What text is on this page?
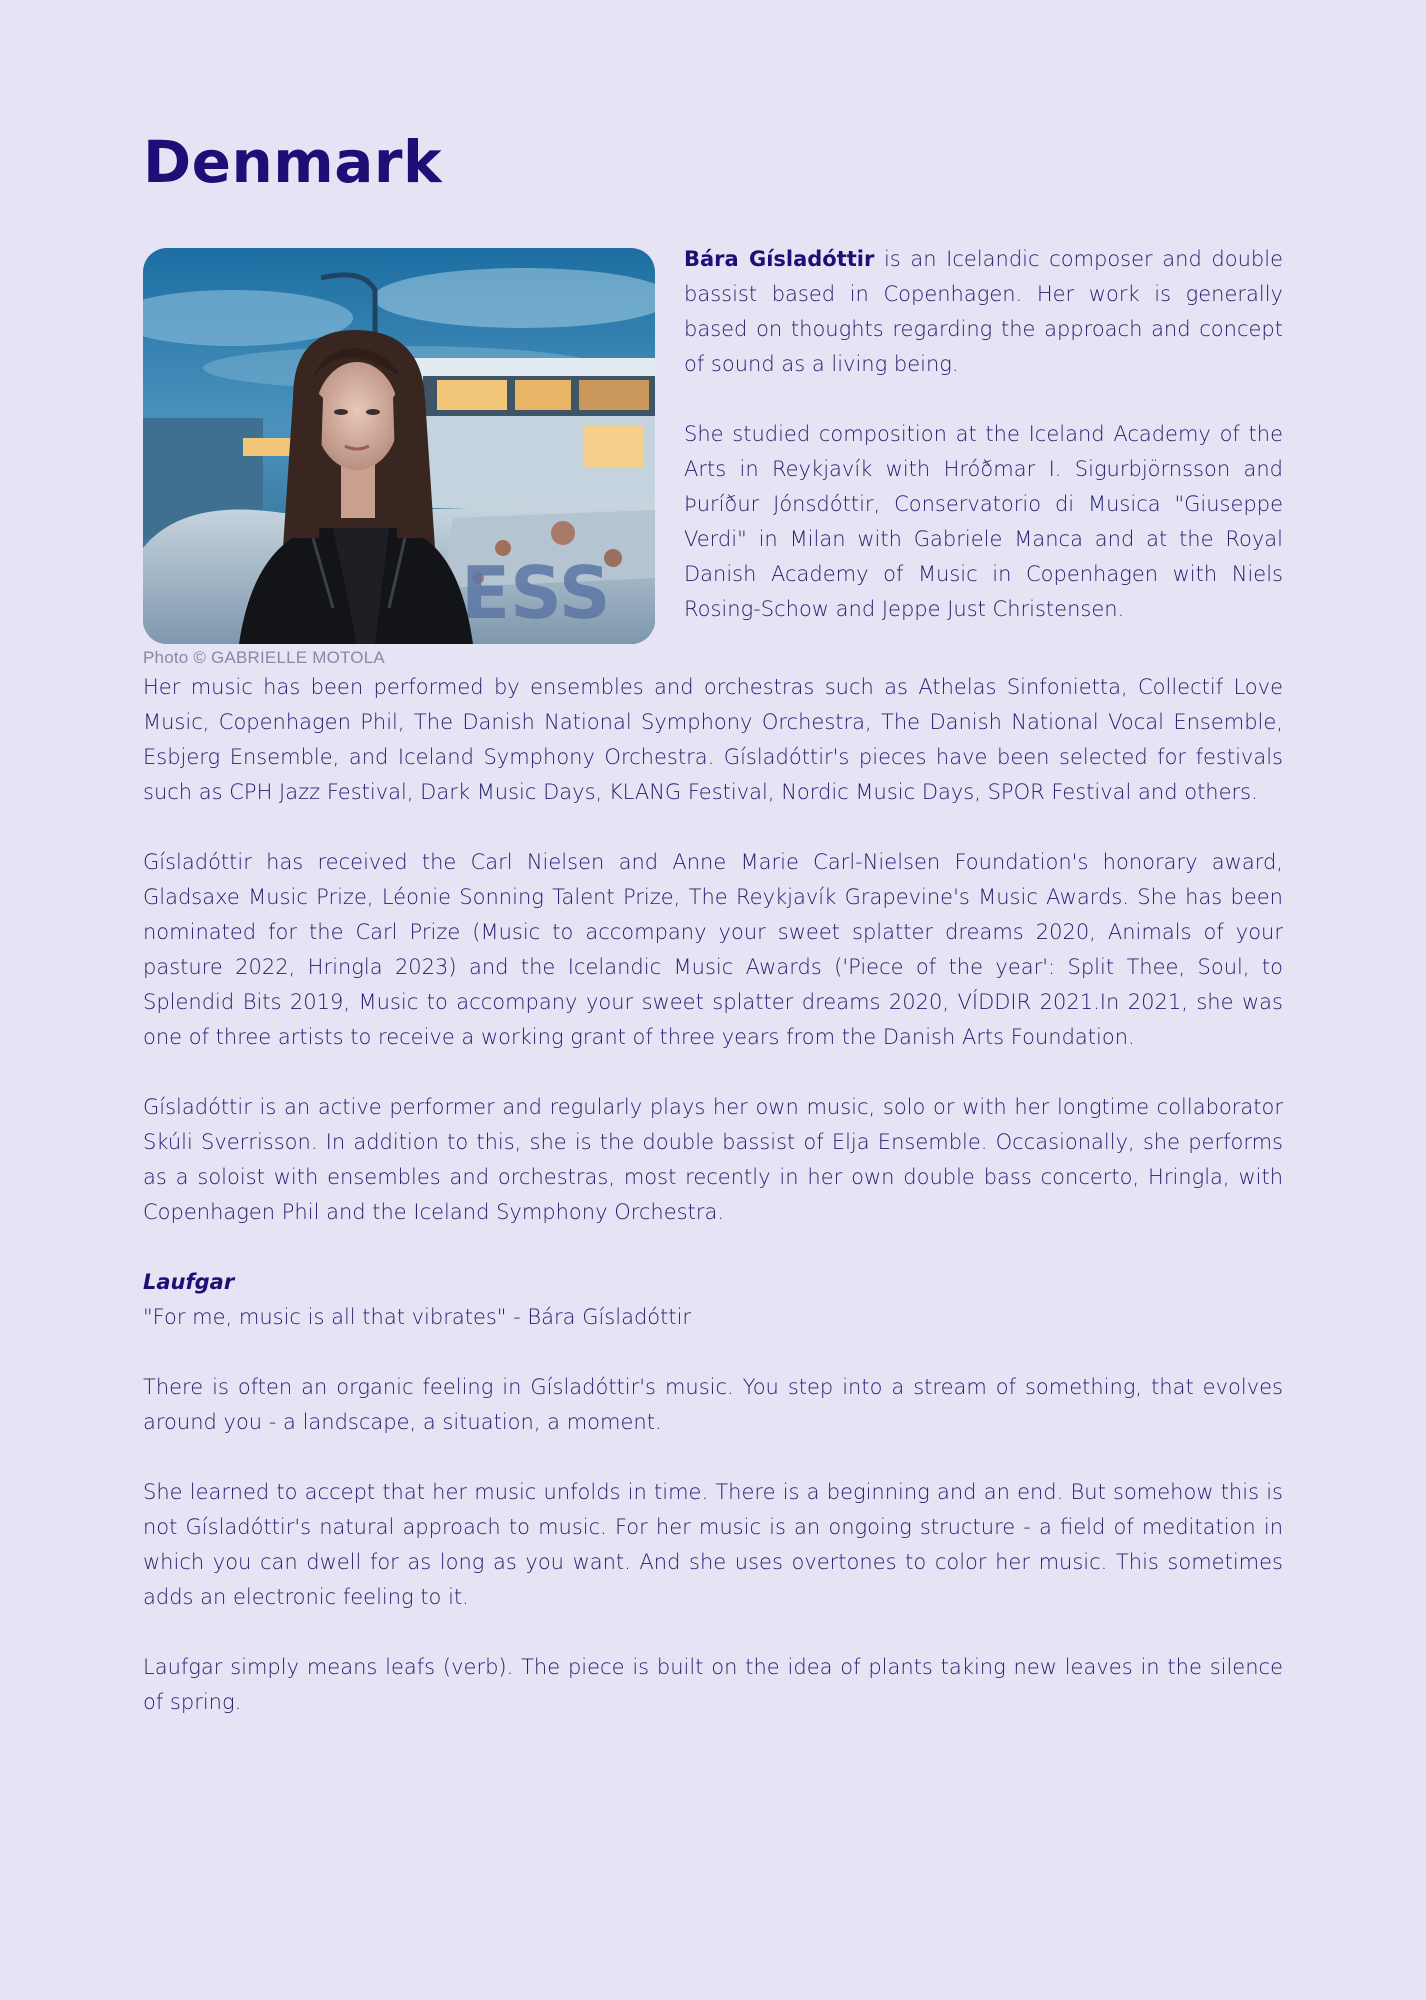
Denmark
ESS
Photo © GABRIELLE MOTOLA

Bára Gísladóttir is an Icelandic composer and double bassist based in Copenhagen. Her work is generally based on thoughts regarding the approach and concept of sound as a living being.

She studied composition at the Iceland Academy of the Arts in Reykjavík with Hróðmar I. Sigurbjörnsson and Þuríður Jónsdóttir, Conservatorio di Musica "Giuseppe Verdi" in Milan with Gabriele Manca and at the Royal Danish Academy of Music in Copenhagen with Niels Rosing-Schow and Jeppe Just Christensen.

Her music has been performed by ensembles and orchestras such as Athelas Sinfonietta, Collectif Love Music, Copenhagen Phil, The Danish National Symphony Orchestra, The Danish National Vocal Ensemble, Esbjerg Ensemble, and Iceland Symphony Orchestra. Gísladóttir's pieces have been selected for festivals such as CPH Jazz Festival, Dark Music Days, KLANG Festival, Nordic Music Days, SPOR Festival and others.

Gísladóttir has received the Carl Nielsen and Anne Marie Carl-Nielsen Foundation's honorary award, Gladsaxe Music Prize, Léonie Sonning Talent Prize, The Reykjavík Grapevine's Music Awards. She has been nominated for the Carl Prize (Music to accompany your sweet splatter dreams 2020, Animals of your pasture 2022, Hringla 2023) and the Icelandic Music Awards ('Piece of the year': Split Thee, Soul, to Splendid Bits 2019, Music to accompany your sweet splatter dreams 2020, VÍDDIR 2021.In 2021, she was one of three artists to receive a working grant of three years from the Danish Arts Foundation.

Gísladóttir is an active performer and regularly plays her own music, solo or with her longtime collaborator Skúli Sverrisson. In addition to this, she is the double bassist of Elja Ensemble. Occasionally, she performs as a soloist with ensembles and orchestras, most recently in her own double bass concerto, Hringla, with Copenhagen Phil and the Iceland Symphony Orchestra.

Laufgar

"For me, music is all that vibrates" - Bára Gísladóttir

There is often an organic feeling in Gísladóttir's music. You step into a stream of something, that evolves around you - a landscape, a situation, a moment.

She learned to accept that her music unfolds in time. There is a beginning and an end. But somehow this is not Gísladóttir's natural approach to music. For her music is an ongoing structure - a field of meditation in which you can dwell for as long as you want. And she uses overtones to color her music. This sometimes adds an electronic feeling to it.

Laufgar simply means leafs (verb). The piece is built on the idea of plants taking new leaves in the silence of spring.
